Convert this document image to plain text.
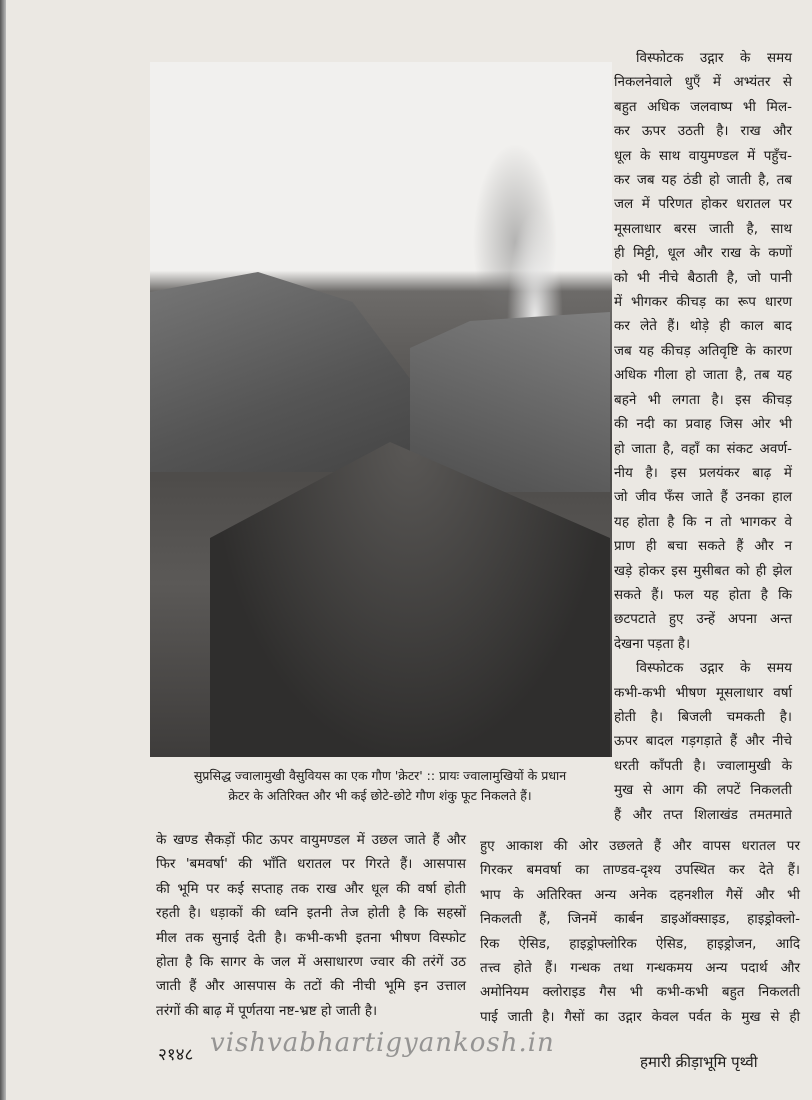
सुप्रसिद्ध ज्वालामुखी वैसुवियस का एक गौण 'क्रेटर' :: प्रायः ज्वालामुखियों के प्रधान
क्रेटर के अतिरिक्त और भी कई छोटे-छोटे गौण शंकु फूट निकलते हैं।
विस्फोटक उद्गार के समय
निकलनेवाले धुएँ में अभ्यंतर से
बहुत अधिक जलवाष्प भी मिल-
कर ऊपर उठती है। राख और
धूल के साथ वायुमण्डल में पहुँच-
कर जब यह ठंडी हो जाती है, तब
जल में परिणत होकर धरातल पर
मूसलाधार बरस जाती है, साथ
ही मिट्टी, धूल और राख के कणों
को भी नीचे बैठाती है, जो पानी
में भीगकर कीचड़ का रूप धारण
कर लेते हैं। थोड़े ही काल बाद
जब यह कीचड़ अतिवृष्टि के कारण
अधिक गीला हो जाता है, तब यह
बहने भी लगता है। इस कीचड़
की नदी का प्रवाह जिस ओर भी
हो जाता है, वहाँ का संकट अवर्ण-
नीय है। इस प्रलयंकर बाढ़ में
जो जीव फँस जाते हैं उनका हाल
यह होता है कि न तो भागकर वे
प्राण ही बचा सकते हैं और न
खड़े होकर इस मुसीबत को ही झेल
सकते हैं। फल यह होता है कि
छटपटाते हुए उन्हें अपना अन्त
देखना पड़ता है।
विस्फोटक उद्गार के समय
कभी-कभी भीषण मूसलाधार वर्षा
होती है। बिजली चमकती है।
ऊपर बादल गड़गड़ाते हैं और नीचे
धरती काँपती है। ज्वालामुखी के
मुख से आग की लपटें निकलती
हैं और तप्त शिलाखंड तमतमाते
के खण्ड सैकड़ों फीट ऊपर वायुमण्डल में उछल जाते हैं और
फिर 'बमवर्षा' की भाँति धरातल पर गिरते हैं। आसपास
की भूमि पर कई सप्ताह तक राख और धूल की वर्षा होती
रहती है। धड़ाकों की ध्वनि इतनी तेज होती है कि सहस्रों
मील तक सुनाई देती है। कभी-कभी इतना भीषण विस्फोट
होता है कि सागर के जल में असाधारण ज्वार की तरंगें उठ
जाती हैं और आसपास के तटों की नीची भूमि इन उत्ताल
तरंगों की बाढ़ में पूर्णतया नष्ट-भ्रष्ट हो जाती है।
हुए आकाश की ओर उछलते हैं और वापस धरातल पर
गिरकर बमवर्षा का ताण्डव-दृश्य उपस्थित कर देते हैं।
भाप के अतिरिक्त अन्य अनेक दहनशील गैसें और भी
निकलती हैं, जिनमें कार्बन डाइऑक्साइड, हाइड्रोक्लो-
रिक ऐसिड, हाइड्रोफ्लोरिक ऐसिड, हाइड्रोजन, आदि
तत्त्व होते हैं। गन्धक तथा गन्धकमय अन्य पदार्थ और
अमोनियम क्लोराइड गैस भी कभी-कभी बहुत निकलती
पाई जाती है। गैसों का उद्गार केवल पर्वत के मुख से ही
vishvabhartigyankosh.in
२१४८	हमारी क्रीड़ाभूमि पृथ्वी
